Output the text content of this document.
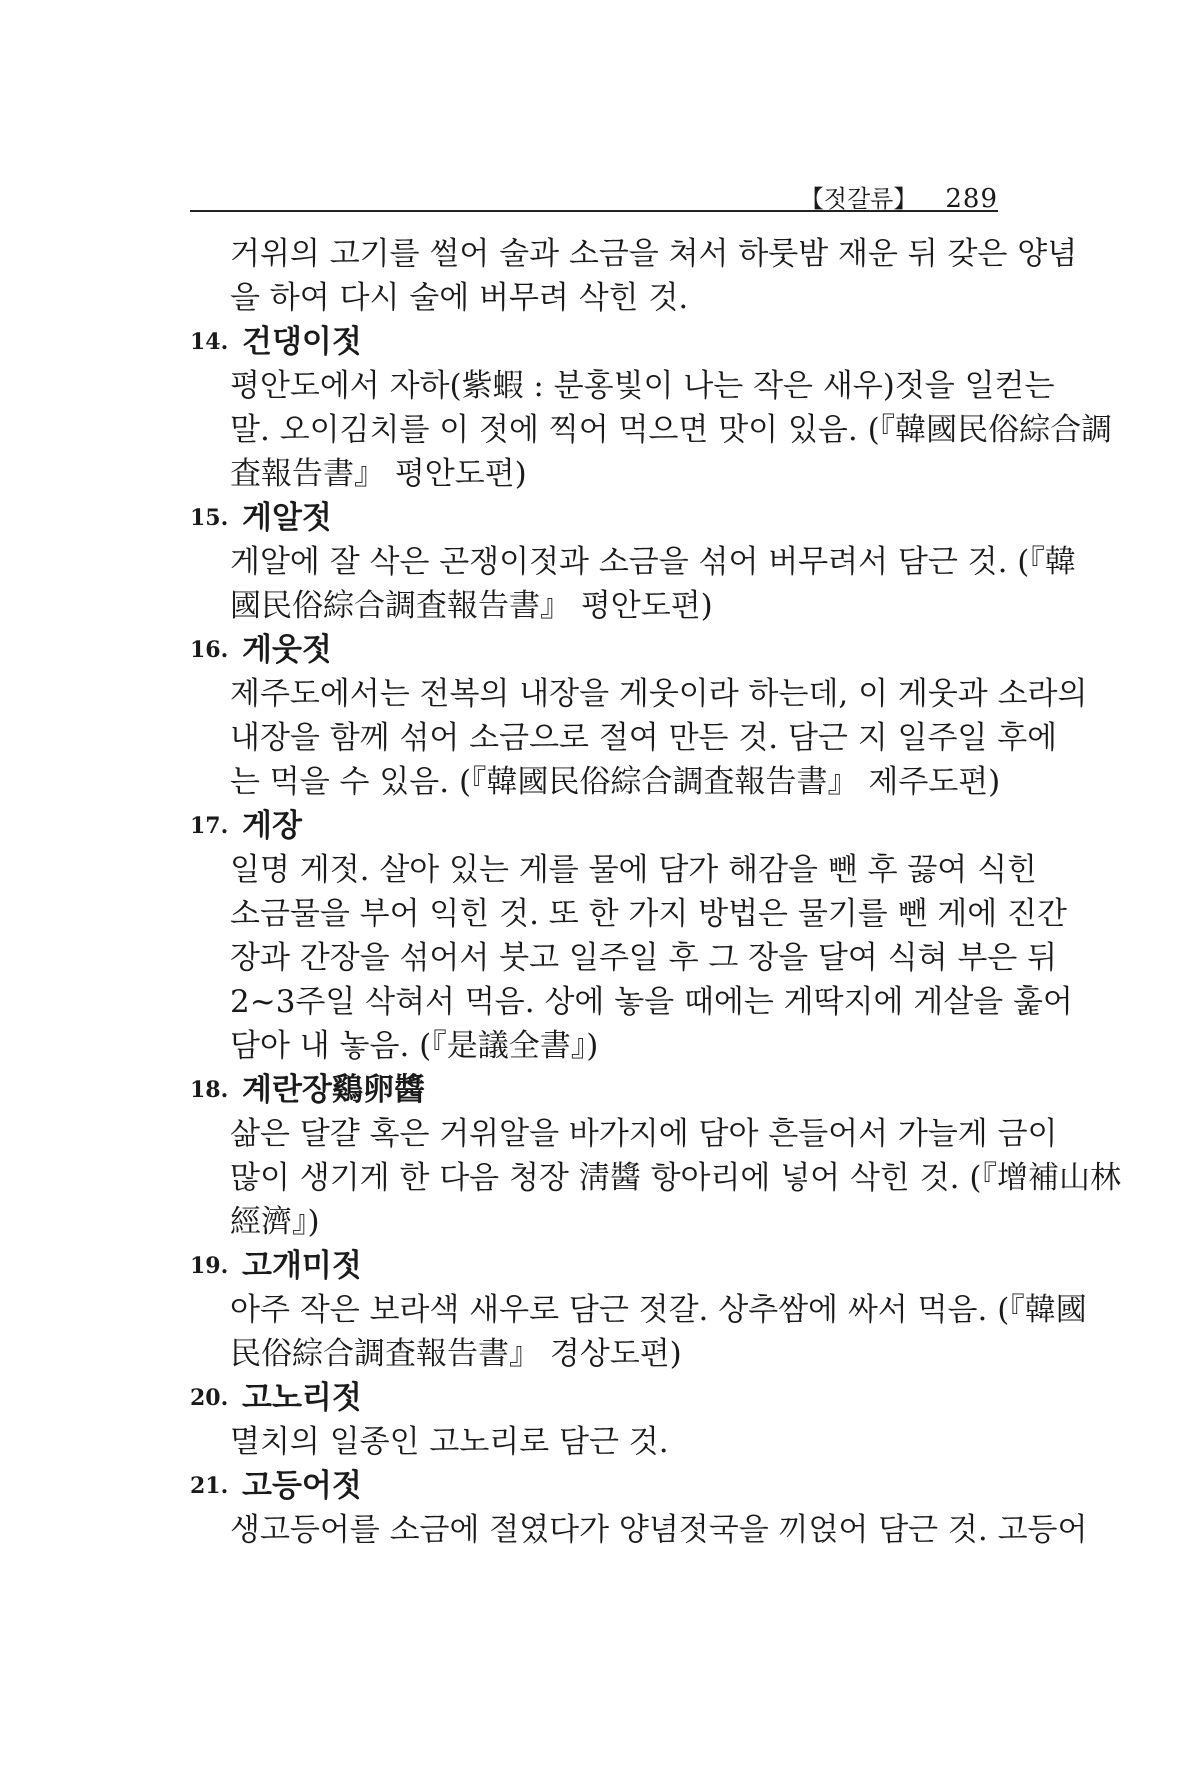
【젓갈류】 289
거위의 고기를 썰어 술과 소금을 쳐서 하룻밤 재운 뒤 갖은 양념
을 하여 다시 술에 버무려 삭힌 것.
14. 건댕이젓
평안도에서 자하(紫蝦 : 분홍빛이 나는 작은 새우)젓을 일컫는
말. 오이김치를 이 젓에 찍어 먹으면 맛이 있음. (『韓國民俗綜合調
査報告書』 평안도편)
15. 게알젓
게알에 잘 삭은 곤쟁이젓과 소금을 섞어 버무려서 담근 것. (『韓
國民俗綜合調査報告書』 평안도편)
16. 게웃젓
제주도에서는 전복의 내장을 게웃이라 하는데, 이 게웃과 소라의
내장을 함께 섞어 소금으로 절여 만든 것. 담근 지 일주일 후에
는 먹을 수 있음. (『韓國民俗綜合調査報告書』 제주도편)
17. 게장
일명 게젓. 살아 있는 게를 물에 담가 해감을 뺀 후 끓여 식힌
소금물을 부어 익힌 것. 또 한 가지 방법은 물기를 뺀 게에 진간
장과 간장을 섞어서 붓고 일주일 후 그 장을 달여 식혀 부은 뒤
2~3주일 삭혀서 먹음. 상에 놓을 때에는 게딱지에 게살을 훑어
담아 내 놓음. (『是議全書』)
18. 계란장鷄卵醬
삶은 달걀 혹은 거위알을 바가지에 담아 흔들어서 가늘게 금이
많이 생기게 한 다음 청장 淸醬 항아리에 넣어 삭힌 것. (『增補山林
經濟』)
19. 고개미젓
아주 작은 보라색 새우로 담근 젓갈. 상추쌈에 싸서 먹음. (『韓國
民俗綜合調査報告書』 경상도편)
20. 고노리젓
멸치의 일종인 고노리로 담근 것.
21. 고등어젓
생고등어를 소금에 절였다가 양념젓국을 끼얹어 담근 것. 고등어
